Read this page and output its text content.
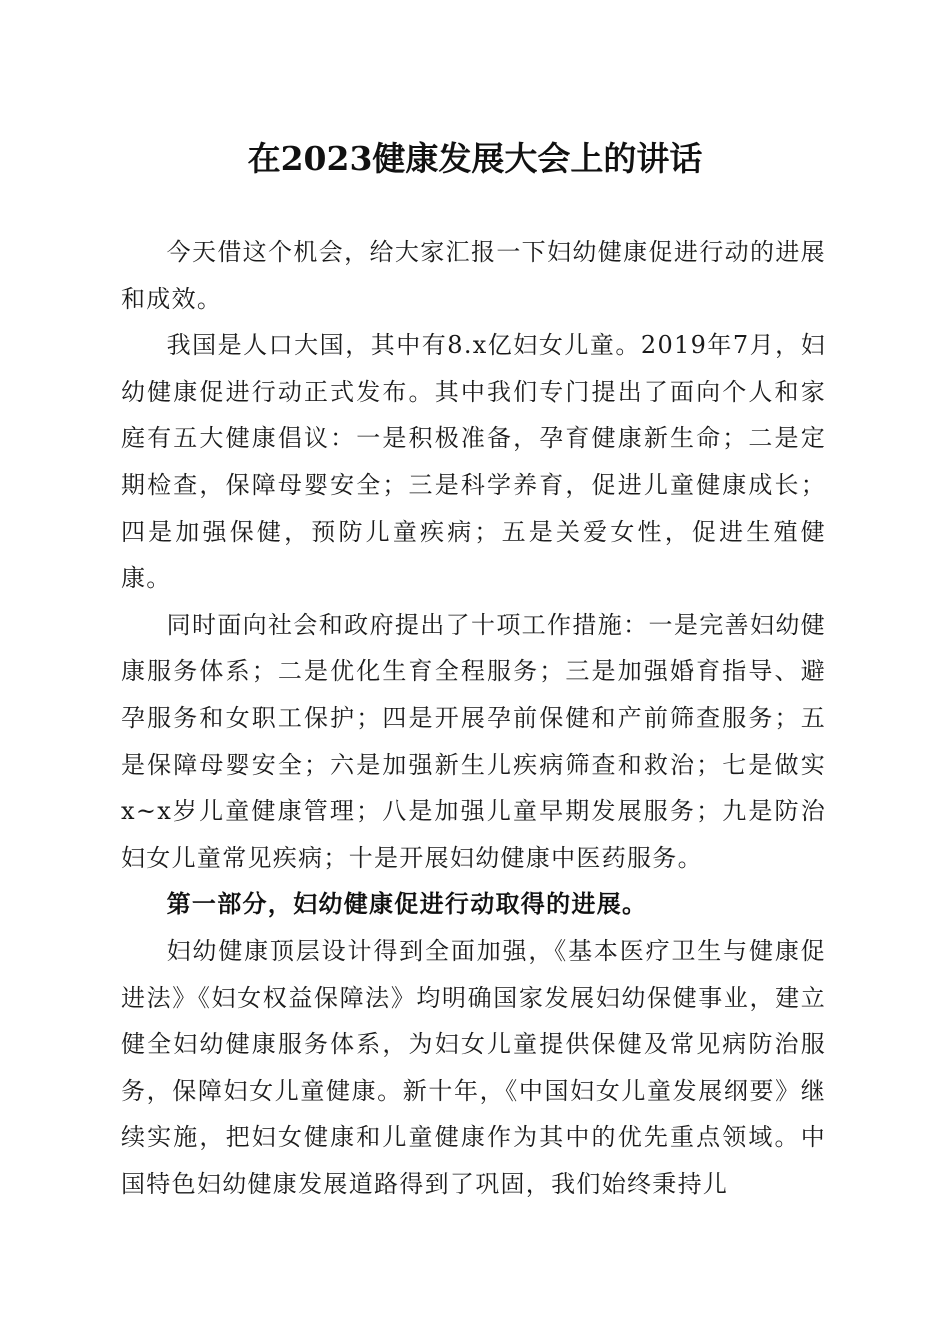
在2023健康发展大会上的讲话

今天借这个机会，给大家汇报一下妇幼健康促进行动的进展和成效。

我国是人口大国，其中有8.x亿妇女儿童。2019年7月，妇幼健康促进行动正式发布。其中我们专门提出了面向个人和家庭有五大健康倡议：一是积极准备，孕育健康新生命；二是定期检查，保障母婴安全；三是科学养育，促进儿童健康成长；四是加强保健，预防儿童疾病；五是关爱女性，促进生殖健康。

同时面向社会和政府提出了十项工作措施：一是完善妇幼健康服务体系；二是优化生育全程服务；三是加强婚育指导、避孕服务和女职工保护；四是开展孕前保健和产前筛查服务；五是保障母婴安全；六是加强新生儿疾病筛查和救治；七是做实x~x岁儿童健康管理；八是加强儿童早期发展服务；九是防治妇女儿童常见疾病；十是开展妇幼健康中医药服务。

第一部分，妇幼健康促进行动取得的进展。

妇幼健康顶层设计得到全面加强，《基本医疗卫生与健康促进法》《妇女权益保障法》均明确国家发展妇幼保健事业，建立健全妇幼健康服务体系，为妇女儿童提供保健及常见病防治服务，保障妇女儿童健康。新十年，《中国妇女儿童发展纲要》继续实施，把妇女健康和儿童健康作为其中的优先重点领域。中国特色妇幼健康发展道路得到了巩固，我们始终秉持儿
